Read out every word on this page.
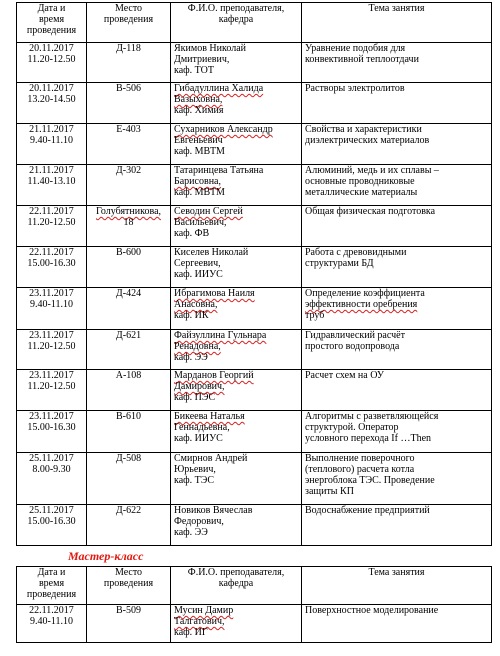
Дата и
время
проведения	Место
проведения	Ф.И.О. преподавателя,
кафедра	Тема занятия

20.11.2017
11.20-12.50	Д-118	Якимов Николай
Дмитриевич,
каф. ТОТ	Уравнение подобия для
конвективной теплоотдачи

20.11.2017
13.20-14.50	В-506	Гибадуллина Халида
Вазыховна,
каф. Химия	Растворы электролитов

21.11.2017
9.40-11.10	Е-403	Сухарников Александр
Евгеньевич
каф. МВТМ	Свойства и характеристики
диэлектрических материалов

21.11.2017
11.40-13.10	Д-302	Татаринцева Татьяна
Барисовна,
каф. МВТМ	Алюминий, медь и их сплавы –
основные проводниковые
металлические материалы

22.11.2017
11.20-12.50	Голубятникова,
18	Севодин Сергей
Васильевич,
каф. ФВ	Общая физическая подготовка

22.11.2017
15.00-16.30	В-600	Киселев Николай
Сергеевич,
каф. ИИУС	Работа с древовидными
структурами БД

23.11.2017
9.40-11.10	Д-424	Ибрагимова Наиля
Анасовна,
каф. ИК	Определение коэффициента
эффективности оребрения
труб

23.11.2017
11.20-12.50	Д-621	Файзуллина Гульнара
Ренадовна,
каф. ЭЭ	Гидравлический расчёт
простого водопровода

23.11.2017
11.20-12.50	А-108	Марданов Георгий
Дамирович,
каф. ПЭС	Расчет схем на ОУ

23.11.2017
15.00-16.30	В-610	Бикеева Наталья
Геннадьевна,
каф. ИИУС	Алгоритмы с разветвляющейся
структурой. Оператор
условного перехода If …Then

25.11.2017
8.00-9.30	Д-508	Смирнов Андрей
Юрьевич,
каф. ТЭС	Выполнение поверочного
(теплового) расчета котла
энергоблока ТЭС. Проведение
защиты КП

25.11.2017
15.00-16.30	Д-622	Новиков Вячеслав
Федорович,
каф. ЭЭ	Водоснабжение предприятий
Мастер-класс
Дата и
время
проведения	Место
проведения	Ф.И.О. преподавателя,
кафедра	Тема занятия

22.11.2017
9.40-11.10	В-509	Мусин Дамир
Талгатович,
каф. ИГ	Поверхностное моделирование
